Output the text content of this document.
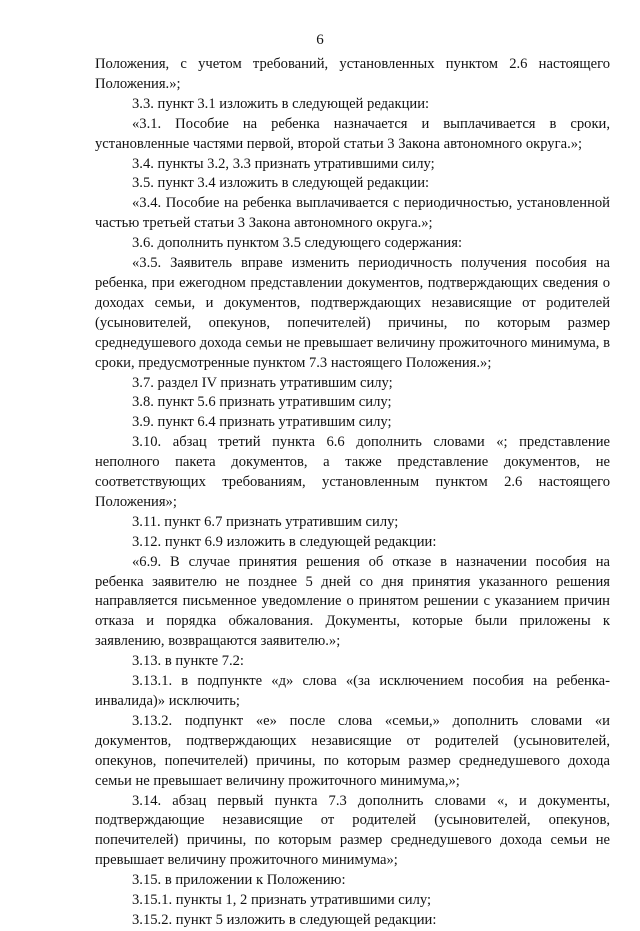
6

Положения, с учетом требований, установленных пунктом 2.6 настоящего Положения.»;

3.3. пункт 3.1 изложить в следующей редакции:

«3.1. Пособие на ребенка назначается и выплачивается в сроки, установленные частями первой, второй статьи 3 Закона автономного округа.»;

3.4. пункты 3.2, 3.3 признать утратившими силу;

3.5. пункт 3.4 изложить в следующей редакции:

«3.4. Пособие на ребенка выплачивается с периодичностью, установленной частью третьей статьи 3 Закона автономного округа.»;

3.6. дополнить пунктом 3.5 следующего содержания:

«3.5. Заявитель вправе изменить периодичность получения пособия на ребенка, при ежегодном представлении документов, подтверждающих сведения о доходах семьи, и документов, подтверждающих независящие от родителей (усыновителей, опекунов, попечителей) причины, по которым размер среднедушевого дохода семьи не превышает величину прожиточного минимума, в сроки, предусмотренные пунктом 7.3 настоящего Положения.»;

3.7. раздел IV признать утратившим силу;

3.8. пункт 5.6 признать утратившим силу;

3.9. пункт 6.4 признать утратившим силу;

3.10. абзац третий пункта 6.6 дополнить словами «; представление неполного пакета документов, а также представление документов, не соответствующих требованиям, установленным пунктом 2.6 настоящего Положения»;

3.11. пункт 6.7 признать утратившим силу;

3.12. пункт 6.9 изложить в следующей редакции:

«6.9. В случае принятия решения об отказе в назначении пособия на ребенка заявителю не позднее 5 дней со дня принятия указанного решения направляется письменное уведомление о принятом решении с указанием причин отказа и порядка обжалования. Документы, которые были приложены к заявлению, возвращаются заявителю.»;

3.13. в пункте 7.2:

3.13.1. в подпункте «д» слова «(за исключением пособия на ребенка-инвалида)» исключить;

3.13.2. подпункт «е» после слова «семьи,» дополнить словами «и документов, подтверждающих независящие от родителей (усыновителей, опекунов, попечителей) причины, по которым размер среднедушевого дохода семьи не превышает величину прожиточного минимума,»;

3.14. абзац первый пункта 7.3 дополнить словами «, и документы, подтверждающие независящие от родителей (усыновителей, опекунов, попечителей) причины, по которым размер среднедушевого дохода семьи не превышает величину прожиточного минимума»;

3.15. в приложении к Положению:

3.15.1. пункты 1, 2 признать утратившими силу;

3.15.2. пункт 5 изложить в следующей редакции:
